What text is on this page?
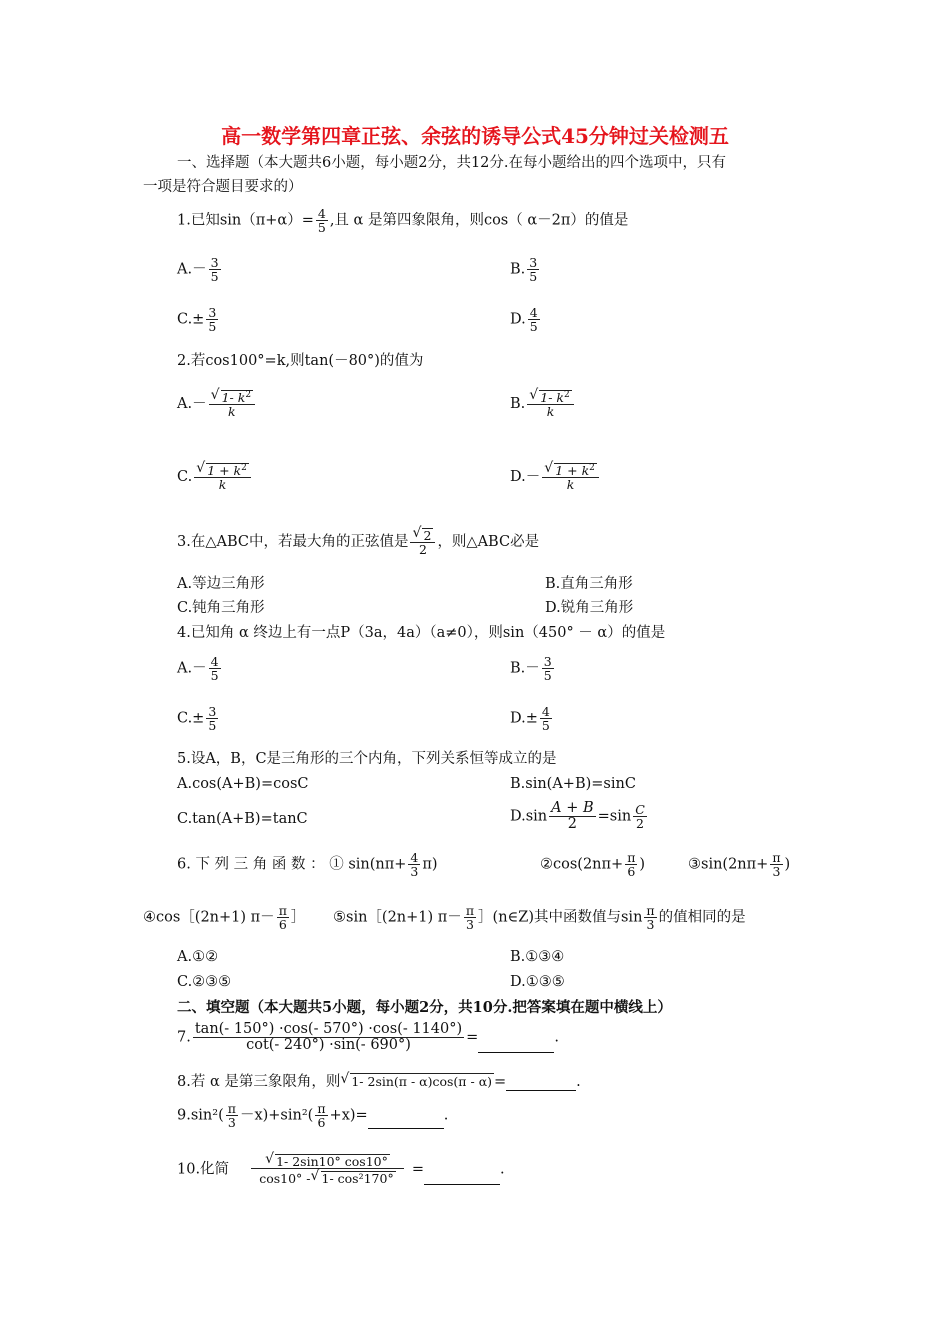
高一数学第四章正弦、余弦的诱导公式45分钟过关检测五
一、选择题（本大题共6小题，每小题2分，共12分.在每小题给出的四个选项中，只有
一项是符合题目要求的）
1.已知$\sin(\pi+\alpha)= \frac{4}{5}$ ,且 α 是第四象限角，则cos（ α－2π）的值是
$A.- \frac{3}{5}$	B. $\frac{3}{5}$
$C.\pm \frac{3}{5}$	D. $\frac{4}{5}$
2.若cos100°=k,则tan(－80°)的值为
A.－ √ $\frac{1- k^2}{k}$	B. √ $\frac{1- k^2}{k}$
C. √ $\frac{1 + k^2}{k}$	D.－ √ $\frac{1 + k^2}{k}$
3.在△ABC中，若最大角的正弦值是 √ $\frac{2}{2}$ ，则△ABC必是
A.等边三角形	B.直角三角形
C.钝角三角形	D.锐角三角形
4.已知角 α 终边上有一点P（3a，4a）（a≠0），则sin（450° － α）的值是
$A.- \frac{4}{5}$	$B.- \frac{3}{5}$
$C.\pm \frac{3}{5}$	$D.\pm \frac{4}{5}$
5.设A，B，C是三角形的三个内角，下列关系恒等成立的是
A.cos(A+B)=cosC	B.sin(A+B)=sinC
C.tan(A+B)=tanC	$D.\sin \frac{A + B}{2} =\sin \frac{C}{2}$
6. 下 列 三 角 函 数 ： ① $\sin(n\pi+ \frac{4}{3} \pi)$	②cos(2nπ+ $\frac{\pi}{6}$ )	③sin(2nπ+ $\frac{\pi}{3}$ )
④cos［(2n+1) $\pi- \frac{\pi}{6}$ ］ ⑤sin［(2n+1) $\pi- \frac{\pi}{3}$ ］(n∈Z)其中函数值与$\sin \frac{\pi}{3}$ 的值相同的是
A.①②	B.①③④
C.②③⑤	D.①③⑤
二、填空题（本大题共5小题，每小题2分，共10分.把答案填在题中横线上）
7. $\frac{\tan(- 150^\circ) \cdot\cos(- 570^\circ) \cdot\cos(- 1140^\circ)}{\cot(- 240^\circ) \cdot\sin(- 690^\circ)}$ =	.
8.若 α 是第三象限角，则 √ 1- 2sin(π - α)cos(π - α) =	.
$9.\sin^2( \frac{\pi}{3} -x)+\sin^2( \frac{\pi}{6} +x)=$	.
10.化简 √ $\frac{1- 2\sin 10^\circ \cos 10^\circ}{\text{cos10° - √ 1- cos²170°}}$ =	.
